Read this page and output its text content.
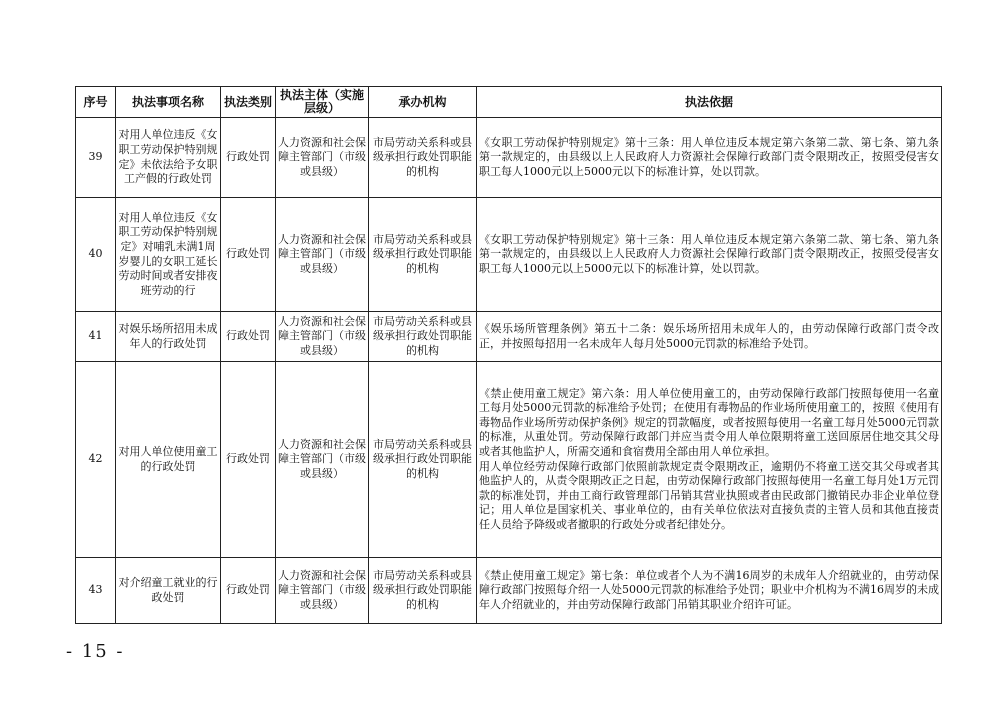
序号	执法事项名称	执法类别	执法主体（实施层级）	承办机构	执法依据
39	对用人单位违反《女职工劳动保护特别规定》未依法给予女职工产假的行政处罚	行政处罚	人力资源和社会保障主管部门（市级或县级）	市局劳动关系科或县级承担行政处罚职能的机构	《女职工劳动保护特别规定》第十三条：用人单位违反本规定第六条第二款、第七条、第九条第一款规定的，由县级以上人民政府人力资源社会保障行政部门责令限期改正，按照受侵害女职工每人1000元以上5000元以下的标准计算，处以罚款。

40	对用人单位违反《女职工劳动保护特别规定》对哺乳未满1周岁婴儿的女职工延长劳动时间或者安排夜班劳动的行	行政处罚	人力资源和社会保障主管部门（市级或县级）	市局劳动关系科或县级承担行政处罚职能的机构	《女职工劳动保护特别规定》第十三条：用人单位违反本规定第六条第二款、第七条、第九条第一款规定的，由县级以上人民政府人力资源社会保障行政部门责令限期改正，按照受侵害女职工每人1000元以上5000元以下的标准计算，处以罚款。

41	对娱乐场所招用未成年人的行政处罚	行政处罚	人力资源和社会保障主管部门（市级或县级）	市局劳动关系科或县级承担行政处罚职能的机构	《娱乐场所管理条例》第五十二条：娱乐场所招用未成年人的，由劳动保障行政部门责令改正，并按照每招用一名未成年人每月处5000元罚款的标准给予处罚。

42	对用人单位使用童工的行政处罚	行政处罚	人力资源和社会保障主管部门（市级或县级）	市局劳动关系科或县级承担行政处罚职能的机构	《禁止使用童工规定》第六条：用人单位使用童工的，由劳动保障行政部门按照每使用一名童工每月处5000元罚款的标准给予处罚；在使用有毒物品的作业场所使用童工的，按照《使用有毒物品作业场所劳动保护条例》规定的罚款幅度，或者按照每使用一名童工每月处5000元罚款的标准，从重处罚。劳动保障行政部门并应当责令用人单位限期将童工送回原居住地交其父母或者其他监护人，所需交通和食宿费用全部由用人单位承担。
用人单位经劳动保障行政部门依照前款规定责令限期改正，逾期仍不将童工送交其父母或者其他监护人的，从责令限期改正之日起，由劳动保障行政部门按照每使用一名童工每月处1万元罚款的标准处罚，并由工商行政管理部门吊销其营业执照或者由民政部门撤销民办非企业单位登记；用人单位是国家机关、事业单位的，由有关单位依法对直接负责的主管人员和其他直接责任人员给予降级或者撤职的行政处分或者纪律处分。

43	对介绍童工就业的行政处罚	行政处罚	人力资源和社会保障主管部门（市级或县级）	市局劳动关系科或县级承担行政处罚职能的机构	《禁止使用童工规定》第七条：单位或者个人为不满16周岁的未成年人介绍就业的，由劳动保障行政部门按照每介绍一人处5000元罚款的标准给予处罚；职业中介机构为不满16周岁的未成年人介绍就业的，并由劳动保障行政部门吊销其职业介绍许可证。
- 15 -
